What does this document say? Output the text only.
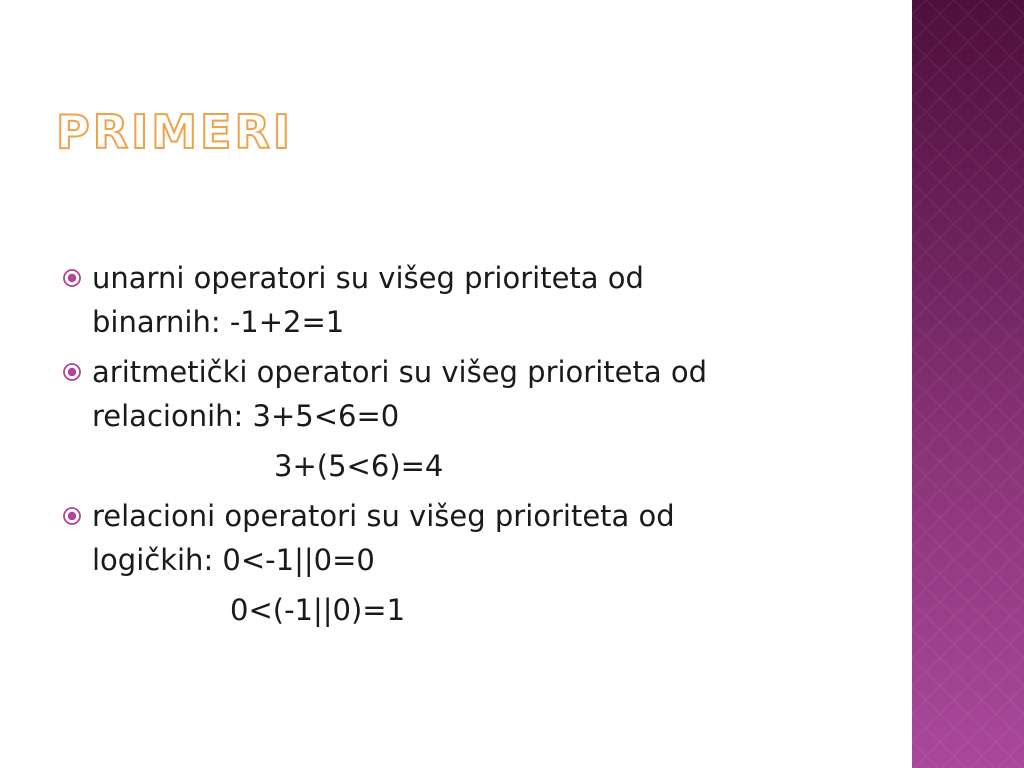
PRIMERI
unarni operatori su višeg prioriteta od
binarnih: -1+2=1
aritmetički operatori su višeg prioriteta od
relacionih: 3+5<6=0
3+(5<6)=4
relacioni operatori su višeg prioriteta od
logičkih: 0<-1||0=0
0<(-1||0)=1
